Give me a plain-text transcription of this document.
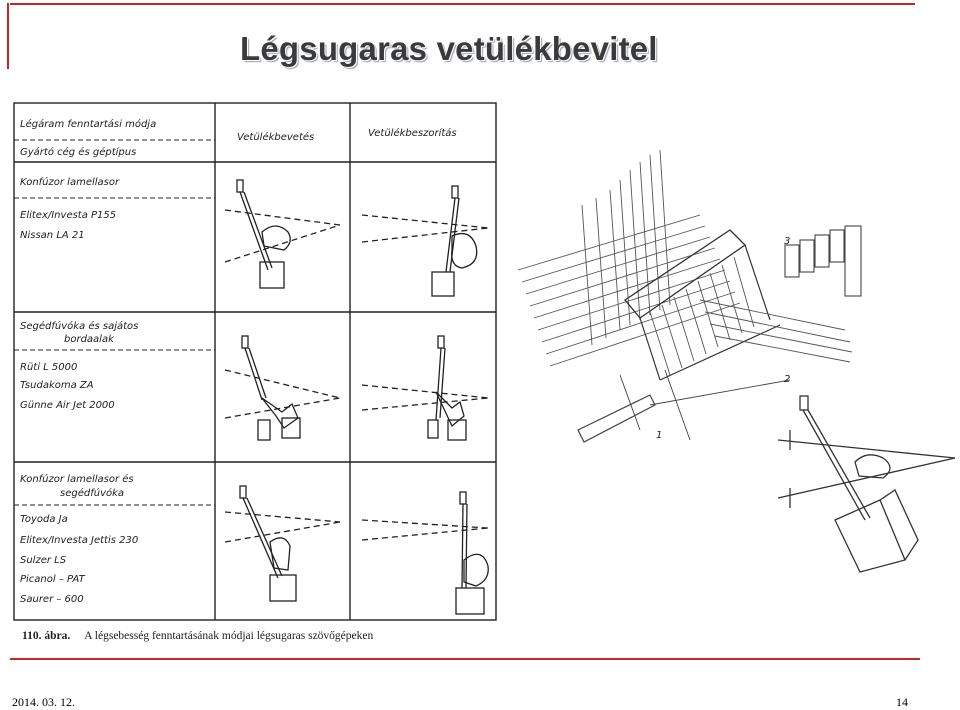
Légsugaras vetülékbevitel
Légáram fenntartási módja
Gyártó cég és géptípus
Vetülékbevetés	Vetülékbeszorítás
Konfúzor lamellasor
Elitex/Investa P155
Nissan LA 21
Segédfúvóka és sajátos
bordaalak
Rüti L 5000
Tsudakoma ZA
Günne Air Jet 2000
Konfúzor lamellasor és
segédfúvóka
Toyoda Ja
Elitex/Investa Jettis 230
Sulzer LS
Picanol – PAT
Saurer – 600
3
2
1
110. ábra. A légsebesség fenntartásának módjai légsugaras szövőgépeken
2014. 03. 12.	14
